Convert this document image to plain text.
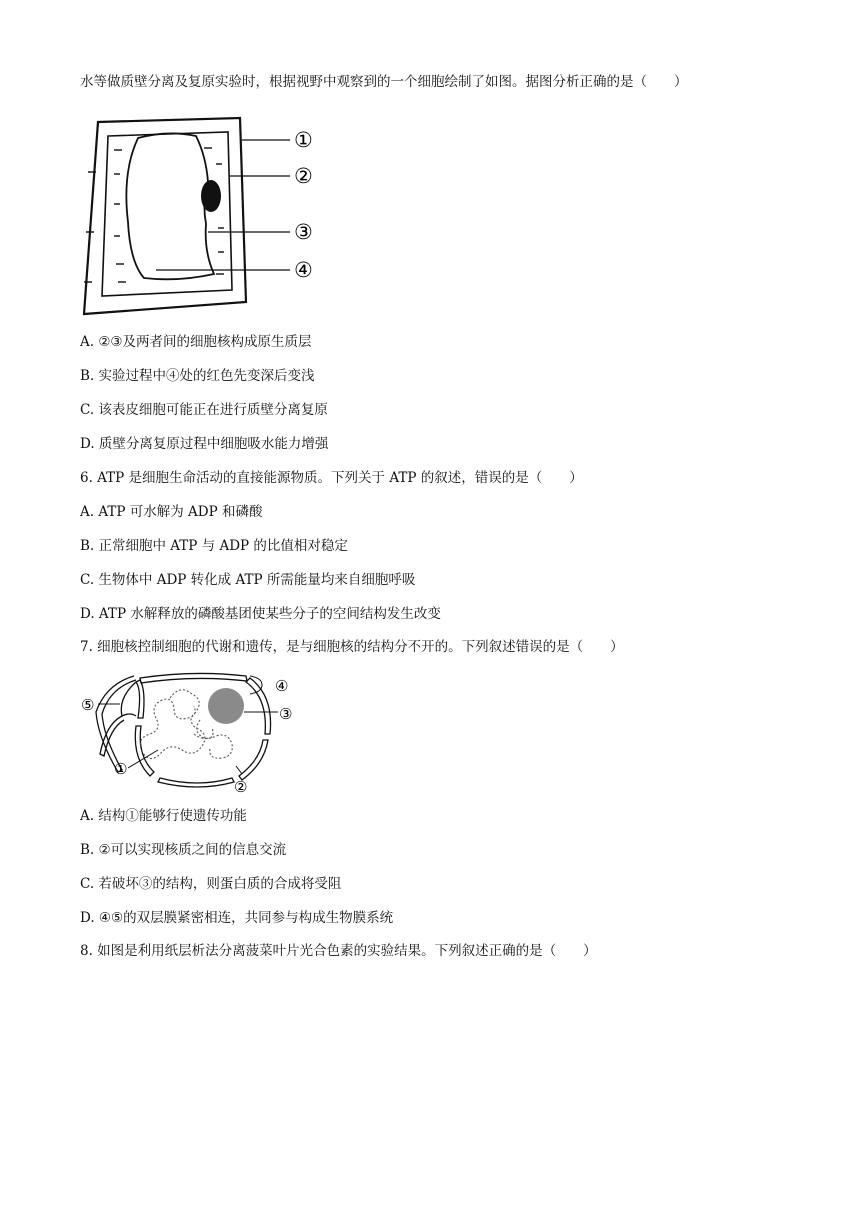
水等做质壁分离及复原实验时，根据视野中观察到的一个细胞绘制了如图。据图分析正确的是（　　）
①
②
③
④
A. ②③及两者间的细胞核构成原生质层
B. 实验过程中④处的红色先变深后变浅
C. 该表皮细胞可能正在进行质壁分离复原
D. 质壁分离复原过程中细胞吸水能力增强
6. ATP 是细胞生命活动的直接能源物质。下列关于 ATP 的叙述，错误的是（　　）
A. ATP 可水解为 ADP 和磷酸
B. 正常细胞中 ATP 与 ADP 的比值相对稳定
C. 生物体中 ADP 转化成 ATP 所需能量均来自细胞呼吸
D. ATP 水解释放的磷酸基团使某些分子的空间结构发生改变
7. 细胞核控制细胞的代谢和遗传，是与细胞核的结构分不开的。下列叙述错误的是（　　）
⑤
①
③
②
④
A. 结构①能够行使遗传功能
B. ②可以实现核质之间的信息交流
C. 若破坏③的结构，则蛋白质的合成将受阻
D. ④⑤的双层膜紧密相连，共同参与构成生物膜系统
8. 如图是利用纸层析法分离菠菜叶片光合色素的实验结果。下列叙述正确的是（　　）
